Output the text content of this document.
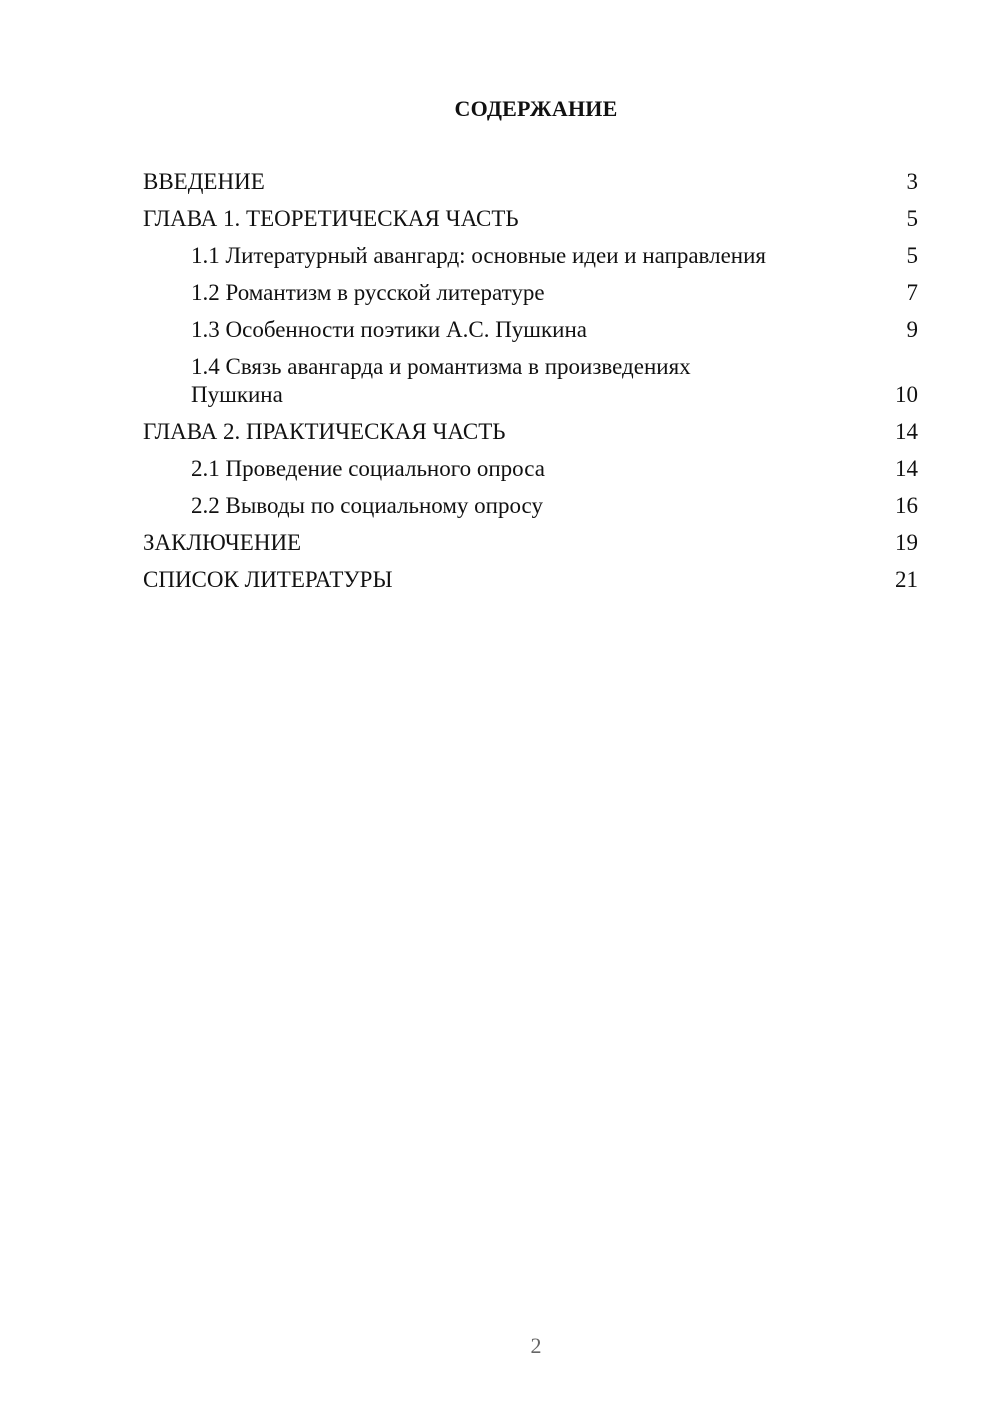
СОДЕРЖАНИЕ
ВВЕДЕНИЕ	3
ГЛАВА 1. ТЕОРЕТИЧЕСКАЯ ЧАСТЬ	5
1.1 Литературный авангард: основные идеи и направления	5
1.2 Романтизм в русской литературе	7
1.3 Особенности поэтики А.С. Пушкина	9
1.4 Связь авангарда и романтизма в произведениях Пушкина	10
ГЛАВА 2. ПРАКТИЧЕСКАЯ ЧАСТЬ	14
2.1 Проведение социального опроса	14
2.2 Выводы по социальному опросу	16
ЗАКЛЮЧЕНИЕ	19
СПИСОК ЛИТЕРАТУРЫ	21
2
